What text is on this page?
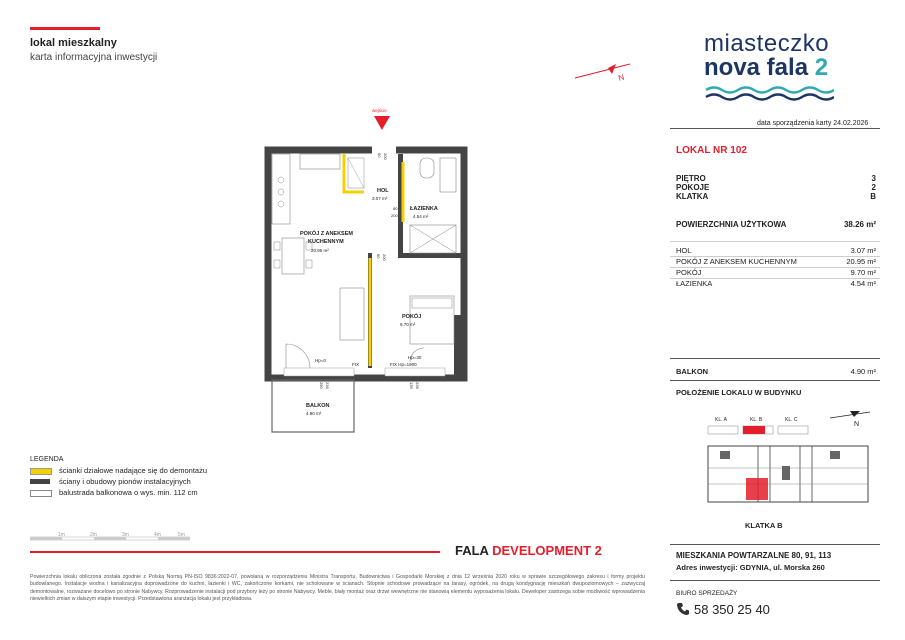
lokal mieszkalny
karta informacyjna inwestycji
N
miasteczko
nova fala 2
data sporządzenia karty 24.02.2026
LOKAL NR 102
PIĘTRO	3
POKOJE	2
KLATKA	B
POWIERZCHNIA UŻYTKOWA	38.26 m²
HOL	3.07 m²
POKÓJ Z ANEKSEM KUCHENNYM	20.95 m²
POKÓJ	9.70 m²
ŁAZIENKA	4.54 m²
BALKON	4.90 m²
POŁOŻENIE LOKALU W BUDYNKU
N
KL. A	KL. B	KL. C
KLATKA B
MIESZKANIA POWTARZALNE 80, 91, 113
Adres inwestycji: GDYNIA, ul. Morska 260
BIURO SPRZEDAŻY
58 350 25 40
FALA DEVELOPMENT 2
1m	2m	3m	4m	5m
LEGENDA
ścianki działowe nadające się do demontażu
ściany i obudowy pionów instalacyjnych
balustrada balkonowa o wys. min. 112 cm
Powierzchnia lokalu obliczona została zgodnie z Polską Normą PN-ISO 9836:2022-07, powołaną w rozporządzeniu Ministra Transportu, Budownictwa i Gospodarki Morskiej z dnia 12 września 2020 roku w sprawie szczegółowego zakresu i formy projektu budowlanego. Instalacje wodna i kanalizacyjna doprowadzone do kuchni, łazienki i WC, zakończone korkami, nie scholowane w ścianach. Stopnie schodowe prowadzące na tarasy, ogródek, na drugą kondygnację mieszkań dwupoziomowych – zazwyczaj demontowalne, rozważane docelowo po stronie Nabywcy. Rozprowadzenie instalacji pod przybory leży po stronie Nabywcy. Meble, biały montaż oraz drzwi wewnętrzne nie stanowią elementu wyposażenia lokalu. Deweloper zastrzega sobie możliwość wprowadzenia niewielkich zmian w dalszym etapie inwestycji. Przedstawiona aranżacja lokalu jest przykładowa.
wejście
HOL
3.07 m²
ŁAZIENKA
4.54 m²
POKÓJ Z ANEKSEM
KUCHENNYM
20.95 m²
POKÓJ
9.70 m²
BALKON
4.90 m²
90 200
80
200
90 200
250 236	135 236
Hp=0
FIX
Hp=30
FIX Hp=1900
